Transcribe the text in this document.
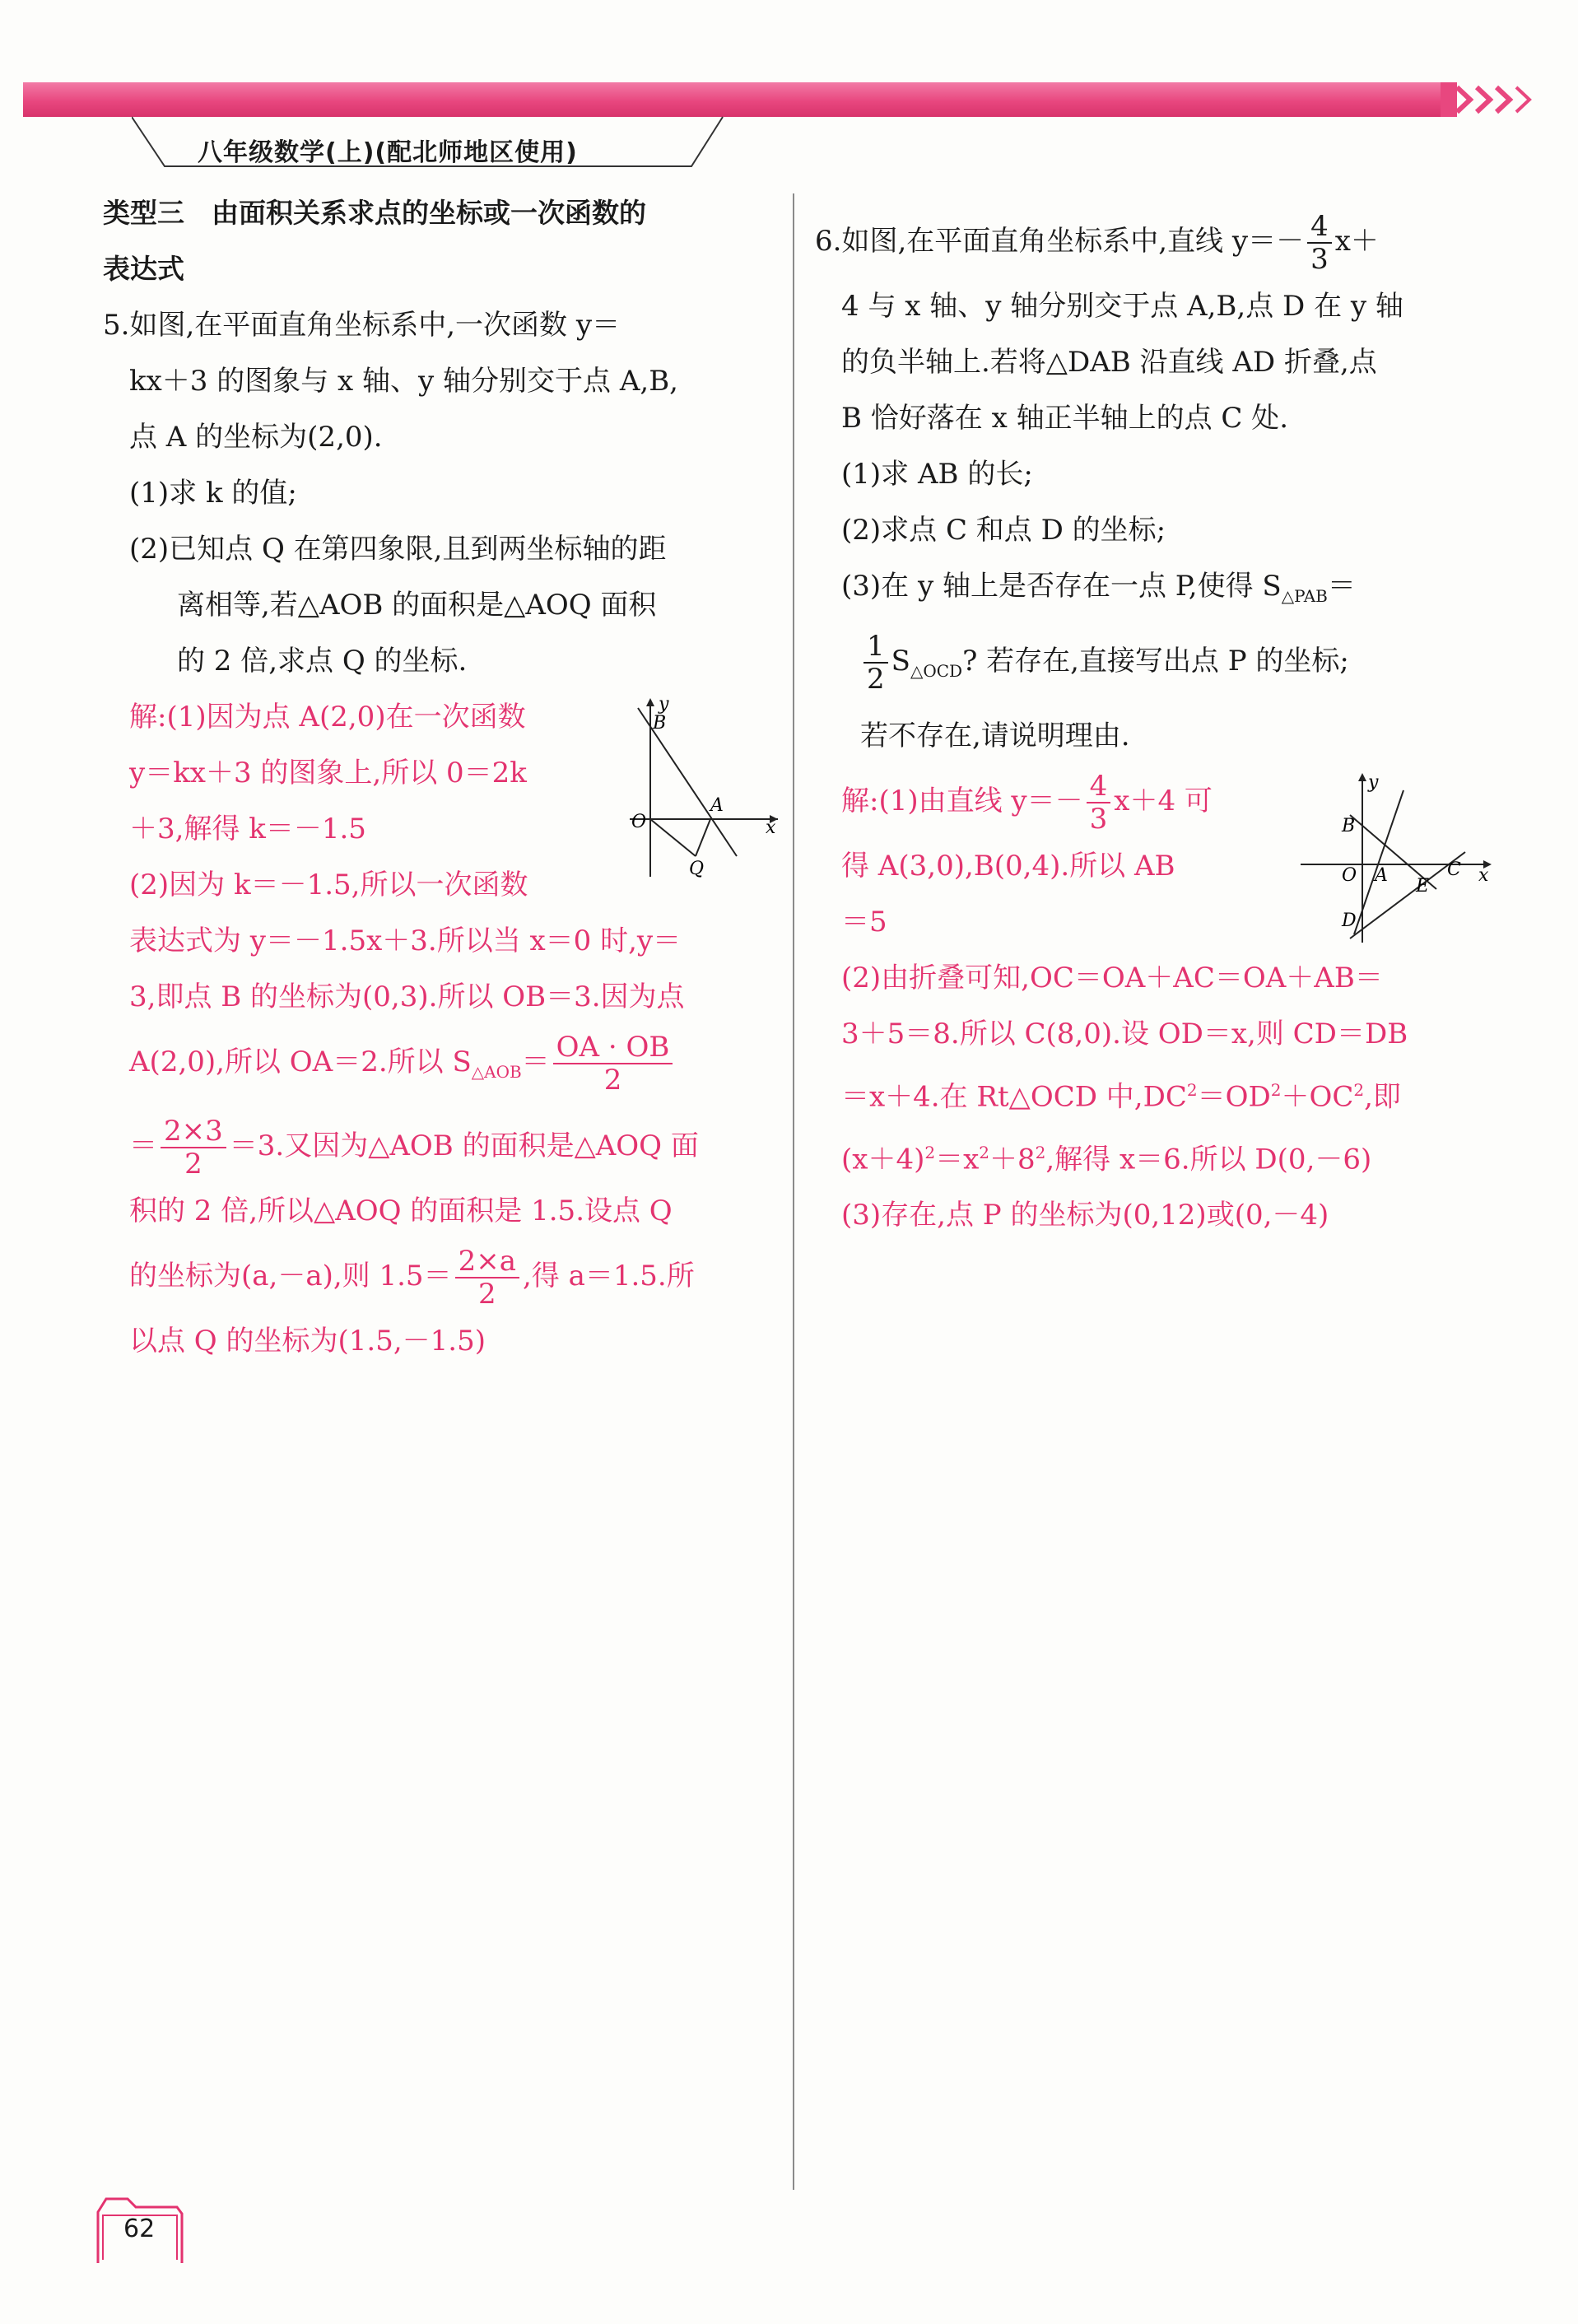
八年级数学(上)(配北师地区使用)
类型三　由面积关系求点的坐标或一次函数的
表达式
5.如图,在平面直角坐标系中,一次函数 y＝
kx＋3 的图象与 x 轴、y 轴分别交于点 A,B,
点 A 的坐标为(2,0).
(1)求 k 的值;
(2)已知点 Q 在第四象限,且到两坐标轴的距
离相等,若△AOB 的面积是△AOQ 面积
的 2 倍,求点 Q 的坐标.
解:(1)因为点 A(2,0)在一次函数
y＝kx＋3 的图象上,所以 0＝2k
＋3,解得 k＝－1.5
(2)因为 k＝－1.5,所以一次函数
表达式为 y＝－1.5x＋3.所以当 x＝0 时,y＝
3,即点 B 的坐标为(0,3).所以 OB＝3.因为点
A(2,0),所以 OA＝2.所以 $S_{\triangle AOB}= \frac{OA \cdot OB}{2}$
＝ $\frac{2\times 3}{2} =3$.又因为△AOB 的面积是△AOQ 面
积的 2 倍,所以△AOQ 的面积是 1.5.设点 Q
的坐标为(a,－a),则 $1.5= \frac{2\times a}{2}$ ,得 a＝1.5.所
以点 Q 的坐标为(1.5,－1.5)
B
y
A
O
Q
x
6.如图,在平面直角坐标系中,直线 $y=- \frac{4}{3} x+$
4 与 x 轴、y 轴分别交于点 A,B,点 D 在 y 轴
的负半轴上.若将△DAB 沿直线 AD 折叠,点
B 恰好落在 x 轴正半轴上的点 C 处.
(1)求 AB 的长;
(2)求点 C 和点 D 的坐标;
(3)在 y 轴上是否存在一点 P,使得 $S_{\triangle PAB}=$
$\frac{1}{2} S_{\triangle OCD}$? 若存在,直接写出点 P 的坐标;
若不存在,请说明理由.
解:(1)由直线 $y=- \frac{4}{3} x+4$ 可
得 A(3,0),B(0,4).所以 AB
＝5
(2)由折叠可知,OC＝OA＋AC＝OA＋AB＝
3＋5＝8.所以 C(8,0).设 OD＝x,则 CD＝DB
＝x＋4.在 Rt△OCD 中$,DC^2=OD^2+OC^2$,即
$(x+4)^2=x^2+8^2$,解得 x＝6.所以 D(0,－6)
(3)存在,点 P 的坐标为(0,12)或(0,－4)
B
y
O A
E
C
D
x
62
